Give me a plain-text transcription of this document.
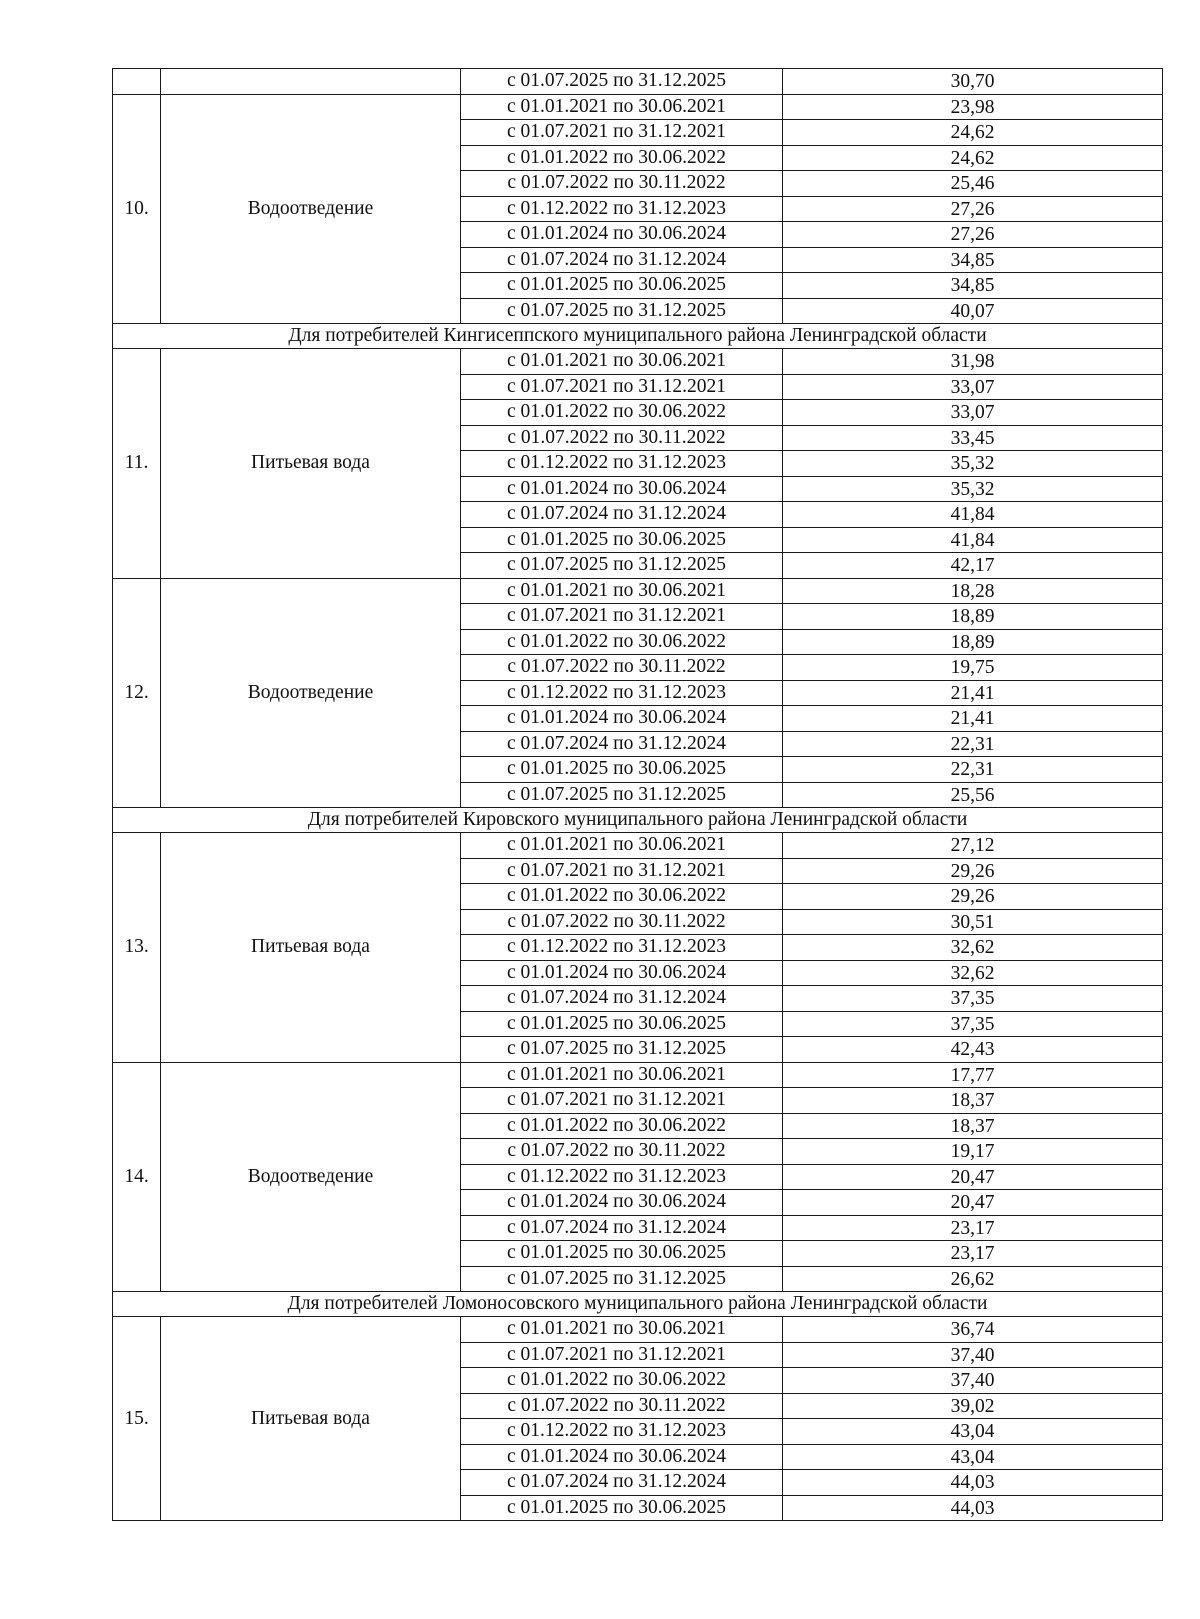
		с 01.07.2025 по 31.12.2025	30,70
10.	Водоотведение	с 01.01.2021 по 30.06.2021	23,98
		с 01.07.2021 по 31.12.2021	24,62
		с 01.01.2022 по 30.06.2022	24,62
		с 01.07.2022 по 30.11.2022	25,46
		с 01.12.2022 по 31.12.2023	27,26
		с 01.01.2024 по 30.06.2024	27,26
		с 01.07.2024 по 31.12.2024	34,85
		с 01.01.2025 по 30.06.2025	34,85
		с 01.07.2025 по 31.12.2025	40,07
Для потребителей Кингисеппского муниципального района Ленинградской области			
11.	Питьевая вода	с 01.01.2021 по 30.06.2021	31,98
		с 01.07.2021 по 31.12.2021	33,07
		с 01.01.2022 по 30.06.2022	33,07
		с 01.07.2022 по 30.11.2022	33,45
		с 01.12.2022 по 31.12.2023	35,32
		с 01.01.2024 по 30.06.2024	35,32
		с 01.07.2024 по 31.12.2024	41,84
		с 01.01.2025 по 30.06.2025	41,84
		с 01.07.2025 по 31.12.2025	42,17
12.	Водоотведение	с 01.01.2021 по 30.06.2021	18,28
		с 01.07.2021 по 31.12.2021	18,89
		с 01.01.2022 по 30.06.2022	18,89
		с 01.07.2022 по 30.11.2022	19,75
		с 01.12.2022 по 31.12.2023	21,41
		с 01.01.2024 по 30.06.2024	21,41
		с 01.07.2024 по 31.12.2024	22,31
		с 01.01.2025 по 30.06.2025	22,31
		с 01.07.2025 по 31.12.2025	25,56
Для потребителей Кировского муниципального района Ленинградской области			
13.	Питьевая вода	с 01.01.2021 по 30.06.2021	27,12
		с 01.07.2021 по 31.12.2021	29,26
		с 01.01.2022 по 30.06.2022	29,26
		с 01.07.2022 по 30.11.2022	30,51
		с 01.12.2022 по 31.12.2023	32,62
		с 01.01.2024 по 30.06.2024	32,62
		с 01.07.2024 по 31.12.2024	37,35
		с 01.01.2025 по 30.06.2025	37,35
		с 01.07.2025 по 31.12.2025	42,43
14.	Водоотведение	с 01.01.2021 по 30.06.2021	17,77
		с 01.07.2021 по 31.12.2021	18,37
		с 01.01.2022 по 30.06.2022	18,37
		с 01.07.2022 по 30.11.2022	19,17
		с 01.12.2022 по 31.12.2023	20,47
		с 01.01.2024 по 30.06.2024	20,47
		с 01.07.2024 по 31.12.2024	23,17
		с 01.01.2025 по 30.06.2025	23,17
		с 01.07.2025 по 31.12.2025	26,62
Для потребителей Ломоносовского муниципального района Ленинградской области			
15.	Питьевая вода	с 01.01.2021 по 30.06.2021	36,74
		с 01.07.2021 по 31.12.2021	37,40
		с 01.01.2022 по 30.06.2022	37,40
		с 01.07.2022 по 30.11.2022	39,02
		с 01.12.2022 по 31.12.2023	43,04
		с 01.01.2024 по 30.06.2024	43,04
		с 01.07.2024 по 31.12.2024	44,03
		с 01.01.2025 по 30.06.2025	44,03
